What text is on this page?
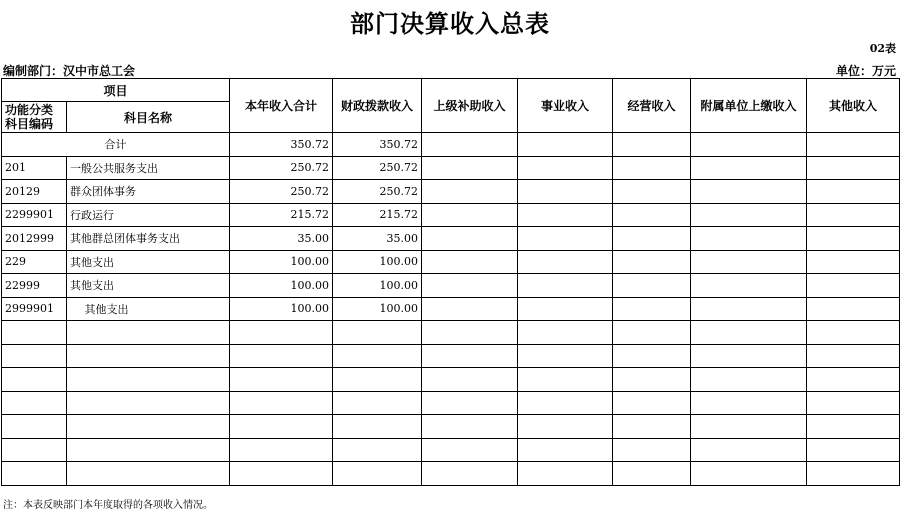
部门决算收入总表
02表
编制部门：汉中市总工会	单位：万元
项目		本年收入合计	财政拨款收入	上级补助收入	事业收入	经营收入	附属单位上缴收入	其他收入

功能分类
科目编码	科目名称							
合计		350.72	350.72					
201	一般公共服务支出	250.72	250.72					
20129	群众团体事务	250.72	250.72					
2299901	行政运行	215.72	215.72					
2012999	其他群总团体事务支出	35.00	35.00					
229	其他支出	100.00	100.00					
22999	其他支出	100.00	100.00					
2999901	　 其他支出	100.00	100.00					

注：本表反映部门本年度取得的各项收入情况。
